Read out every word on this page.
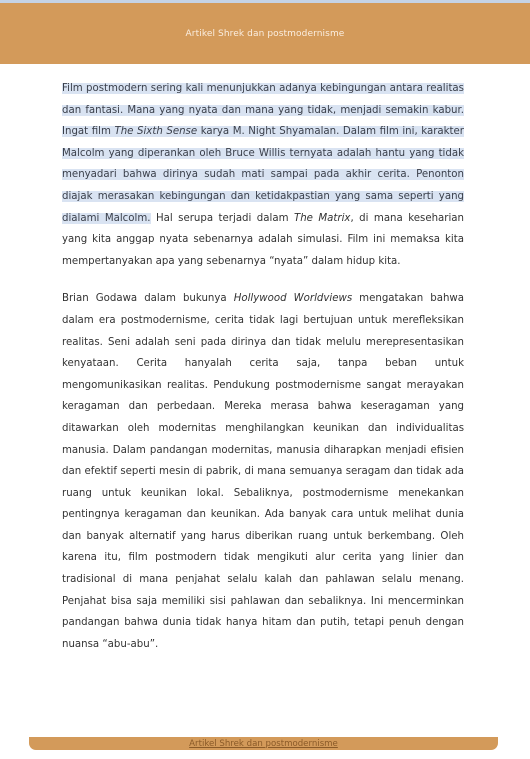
Artikel Shrek dan postmodernisme

Film postmodern sering kali menunjukkan adanya kebingungan antara realitas dan fantasi. Mana yang nyata dan mana yang tidak, menjadi semakin kabur. Ingat film The Sixth Sense karya M. Night Shyamalan. Dalam film ini, karakter Malcolm yang diperankan oleh Bruce Willis ternyata adalah hantu yang tidak menyadari bahwa dirinya sudah mati sampai pada akhir cerita. Penonton diajak merasakan kebingungan dan ketidakpastian yang sama seperti yang dialami Malcolm. Hal serupa terjadi dalam The Matrix, di mana keseharian yang kita anggap nyata sebenarnya adalah simulasi. Film ini memaksa kita mempertanyakan apa yang sebenarnya “nyata” dalam hidup kita.

Brian Godawa dalam bukunya Hollywood Worldviews mengatakan bahwa dalam era postmodernisme, cerita tidak lagi bertujuan untuk merefleksikan realitas. Seni adalah seni pada dirinya dan tidak melulu merepresentasikan kenyataan. Cerita hanyalah cerita saja, tanpa beban untuk mengomunikasikan realitas. Pendukung postmodernisme sangat merayakan keragaman dan perbedaan. Mereka merasa bahwa keseragaman yang ditawarkan oleh modernitas menghilangkan keunikan dan individualitas manusia. Dalam pandangan modernitas, manusia diharapkan menjadi efisien dan efektif seperti mesin di pabrik, di mana semuanya seragam dan tidak ada ruang untuk keunikan lokal. Sebaliknya, postmodernisme menekankan pentingnya keragaman dan keunikan. Ada banyak cara untuk melihat dunia dan banyak alternatif yang harus diberikan ruang untuk berkembang. Oleh karena itu, film postmodern tidak mengikuti alur cerita yang linier dan tradisional di mana penjahat selalu kalah dan pahlawan selalu menang. Penjahat bisa saja memiliki sisi pahlawan dan sebaliknya. Ini mencerminkan pandangan bahwa dunia tidak hanya hitam dan putih, tetapi penuh dengan nuansa “abu-abu”.

Artikel Shrek dan postmodernisme
